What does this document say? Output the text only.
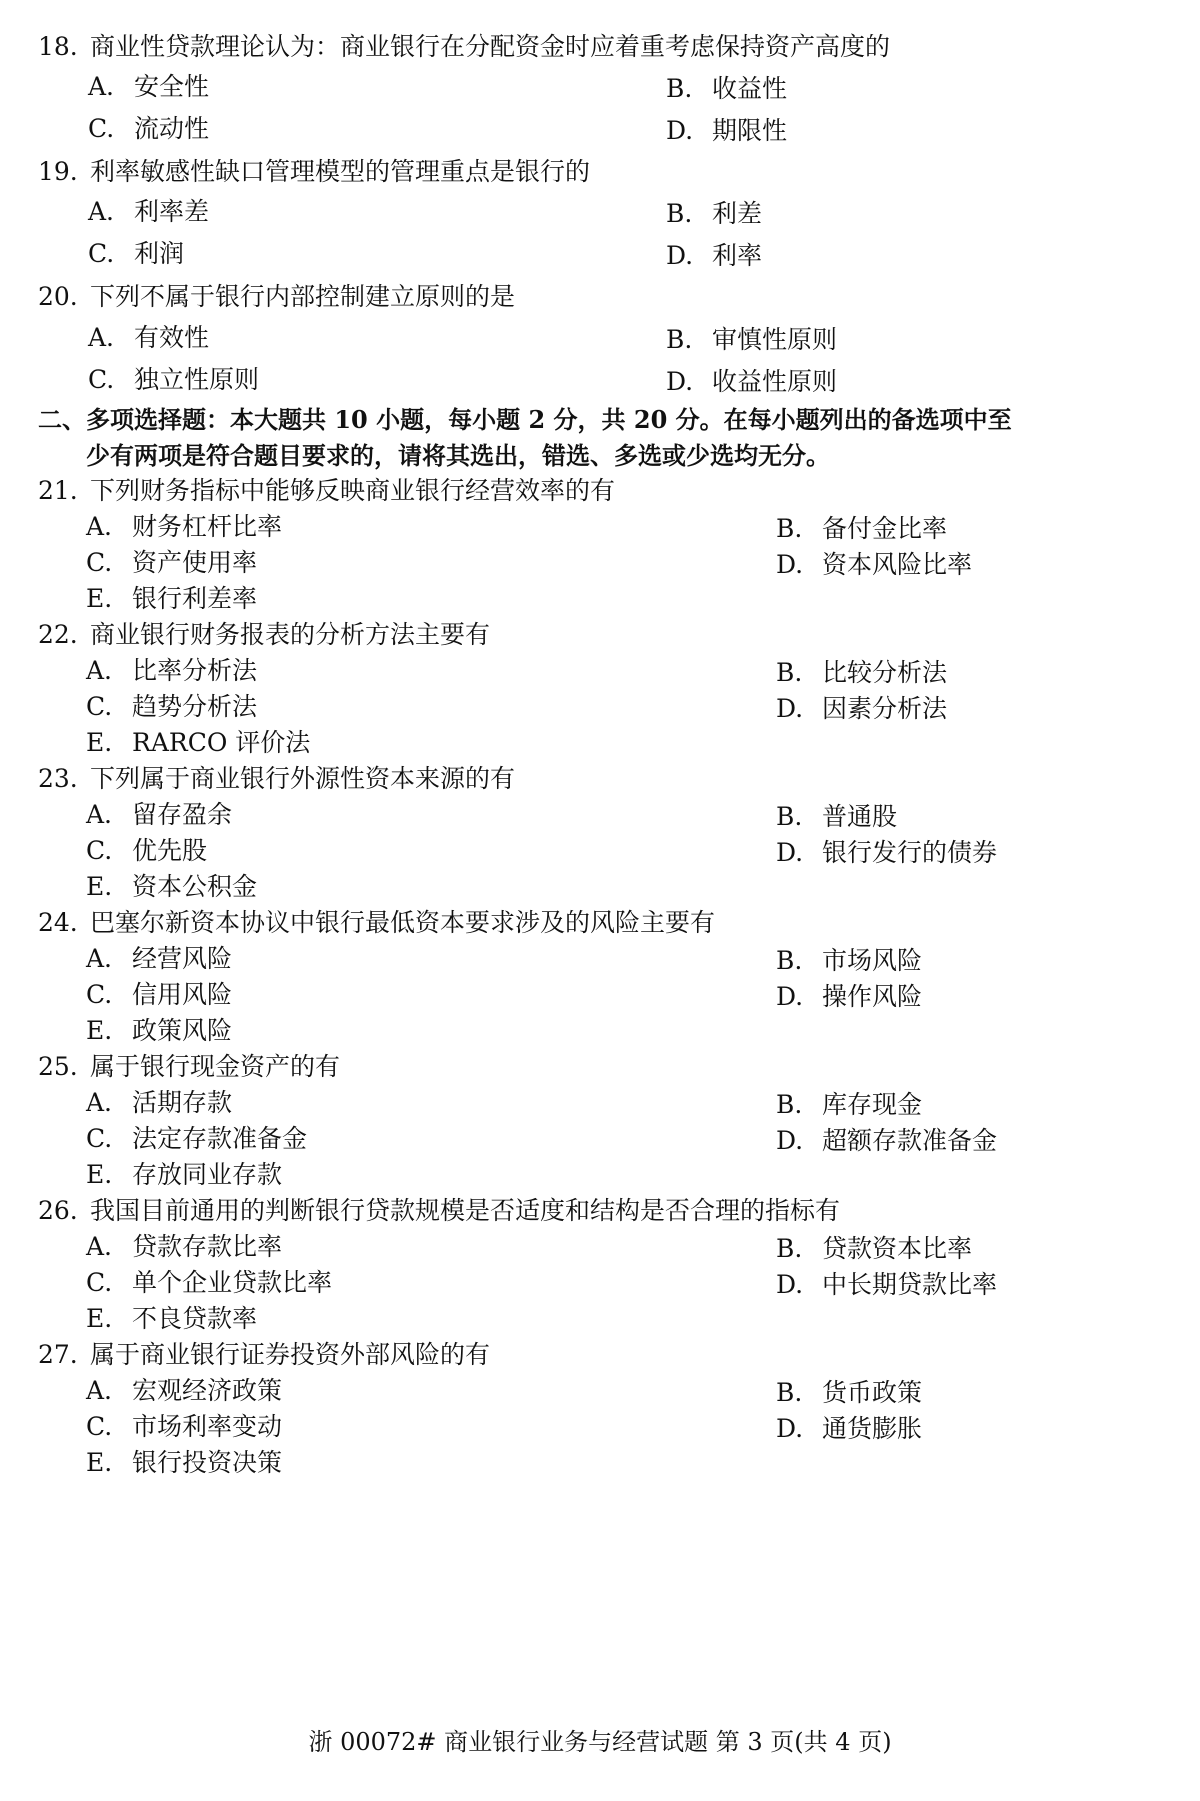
18. 商业性贷款理论认为：商业银行在分配资金时应着重考虑保持资产高度的
A. 安全性	B. 收益性
C. 流动性	D. 期限性
19. 利率敏感性缺口管理模型的管理重点是银行的
A. 利率差	B. 利差
C. 利润	D. 利率
20. 下列不属于银行内部控制建立原则的是
A. 有效性	B. 审慎性原则
C. 独立性原则	D. 收益性原则
二、多项选择题：本大题共 10 小题，每小题 2 分，共 20 分。在每小题列出的备选项中至
少有两项是符合题目要求的，请将其选出，错选、多选或少选均无分。
21. 下列财务指标中能够反映商业银行经营效率的有
A. 财务杠杆比率	B. 备付金比率
C. 资产使用率	D. 资本风险比率
E. 银行利差率
22. 商业银行财务报表的分析方法主要有
A. 比率分析法	B. 比较分析法
C. 趋势分析法	D. 因素分析法
E. RARCO 评价法
23. 下列属于商业银行外源性资本来源的有
A. 留存盈余	B. 普通股
C. 优先股	D. 银行发行的债券
E. 资本公积金
24. 巴塞尔新资本协议中银行最低资本要求涉及的风险主要有
A. 经营风险	B. 市场风险
C. 信用风险	D. 操作风险
E. 政策风险
25. 属于银行现金资产的有
A. 活期存款	B. 库存现金
C. 法定存款准备金	D. 超额存款准备金
E. 存放同业存款
26. 我国目前通用的判断银行贷款规模是否适度和结构是否合理的指标有
A. 贷款存款比率	B. 贷款资本比率
C. 单个企业贷款比率	D. 中长期贷款比率
E. 不良贷款率
27. 属于商业银行证券投资外部风险的有
A. 宏观经济政策	B. 货币政策
C. 市场利率变动	D. 通货膨胀
E. 银行投资决策
浙 00072# 商业银行业务与经营试题 第 3 页(共 4 页)
